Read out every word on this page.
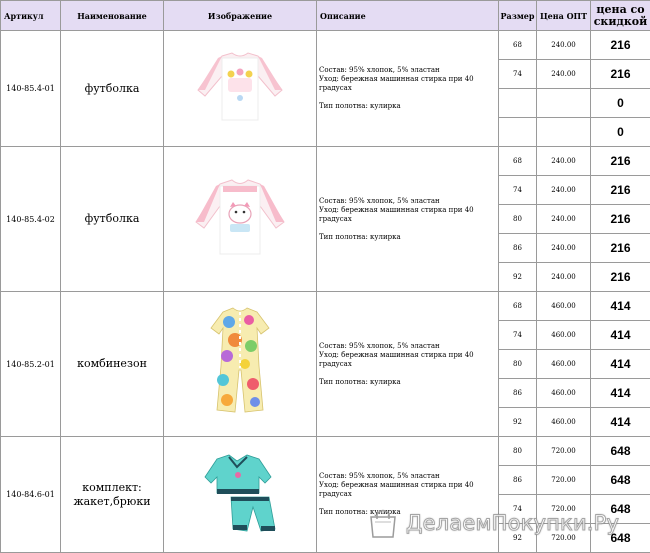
Артикул	Наименование	Изображение	Описание	Размер	Цена ОПТ	цена со скидкой
140-85.4-01	футболка		Состав: 95% хлопок, 5% эластан

Уход: бережная машинная стирка при 40 градусах

Тип полотна: кулирка	68	240.00	216
				74	240.00	216
						0
						0
140-85.4-02	футболка		Состав: 95% хлопок, 5% эластан

Уход: бережная машинная стирка при 40 градусах

Тип полотна: кулирка	68	240.00	216
				74	240.00	216
				80	240.00	216
				86	240.00	216
				92	240.00	216
140-85.2-01	комбинезон		Состав: 95% хлопок, 5% эластан

Уход: бережная машинная стирка при 40 градусах

Тип полотна: кулирка	68	460.00	414
				74	460.00	414
				80	460.00	414
				86	460.00	414
				92	460.00	414
140-84.6-01	комплект: жакет,брюки		Состав: 95% хлопок, 5% эластан

Уход: бережная машинная стирка при 40 градусах

Тип полотна: кулирка	80	720.00	648
				86	720.00	648
				74	720.00	648
				92	720.00	648
ДелаемПокупки.Ру
